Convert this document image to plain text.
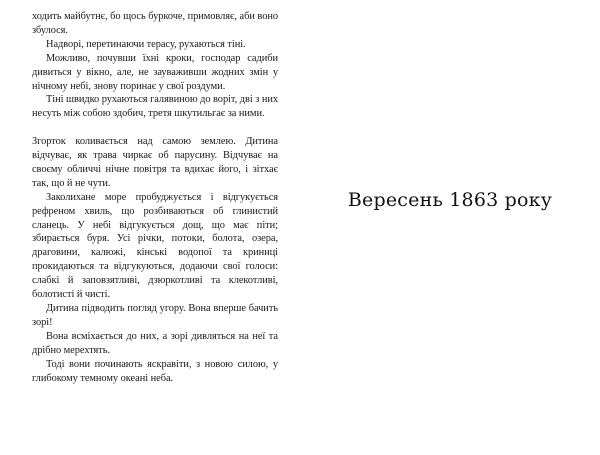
ходить майбутнє, бо щось буркоче, примовляє, аби воно збулося.

Надворі, перетинаючи терасу, рухаються тіні.

Можливо, почувши їхні кроки, господар садиби дивиться у вікно, але, не зауваживши жодних змін у нічному небі, знову поринає у свої роздуми.

Тіні швидко рухаються галявиною до воріт, дві з них несуть між собою здобич, третя шкутильгає за ними.

Згорток коливається над самою землею. Дитина відчуває, як трава чиркає об парусину. Відчуває на своєму обличчі нічне повітря та вдихає його, і зітхає так, що й не чути.

Заколихане море пробуджується і відгукується рефреном хвиль, що розбиваються об глинистий сланець. У небі відгукується дощ, що має піти; збирається буря. Усі річки, потоки, болота, озера, драговини, калюжі, кінські водопої та криниці прокидаються та відгукуються, додаючи свої голоси: слабкі й заповзятливі, дзюркотливі та клекотливі, болотисті й чисті.

Дитина підводить погляд угору. Вона вперше бачить зорі!

Вона всміхається до них, а зорі дивляться на неї та дрібно мерехтять.

Тоді вони починають яскравіти, з новою силою, у глибокому темному океані неба.

Вересень 1863 року
